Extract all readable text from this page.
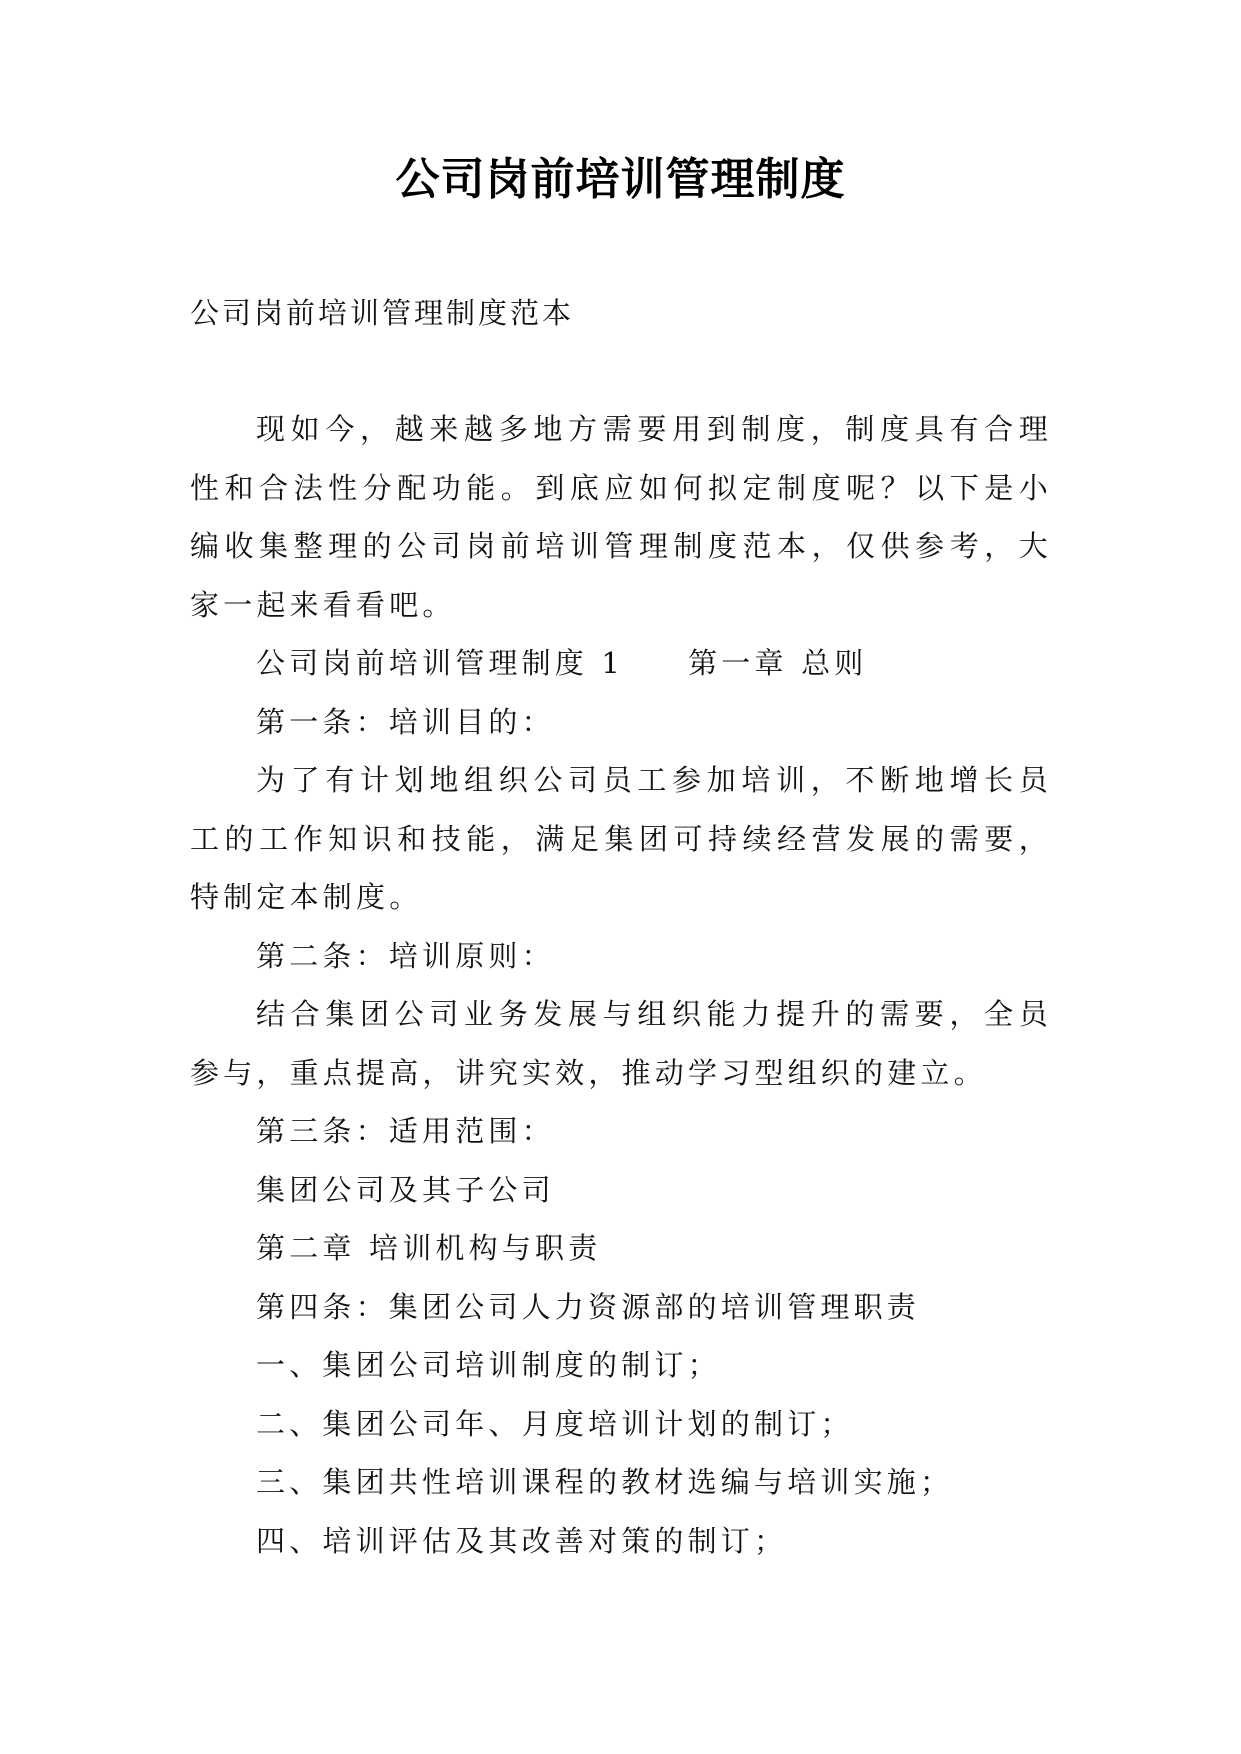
公司岗前培训管理制度
公司岗前培训管理制度范本

现如今，越来越多地方需要用到制度，制度具有合理性和合法性分配功能。到底应如何拟定制度呢？以下是小编收集整理的公司岗前培训管理制度范本，仅供参考，大家一起来看看吧。

公司岗前培训管理制度 1 第一章 总则

第一条：培训目的：

为了有计划地组织公司员工参加培训，不断地增长员工的工作知识和技能，满足集团可持续经营发展的需要，特制定本制度。

第二条：培训原则：

结合集团公司业务发展与组织能力提升的需要，全员参与，重点提高，讲究实效，推动学习型组织的建立。

第三条：适用范围：

集团公司及其子公司

第二章 培训机构与职责

第四条：集团公司人力资源部的培训管理职责

一、集团公司培训制度的制订；

二、集团公司年、月度培训计划的制订；

三、集团共性培训课程的教材选编与培训实施；

四、培训评估及其改善对策的制订；
